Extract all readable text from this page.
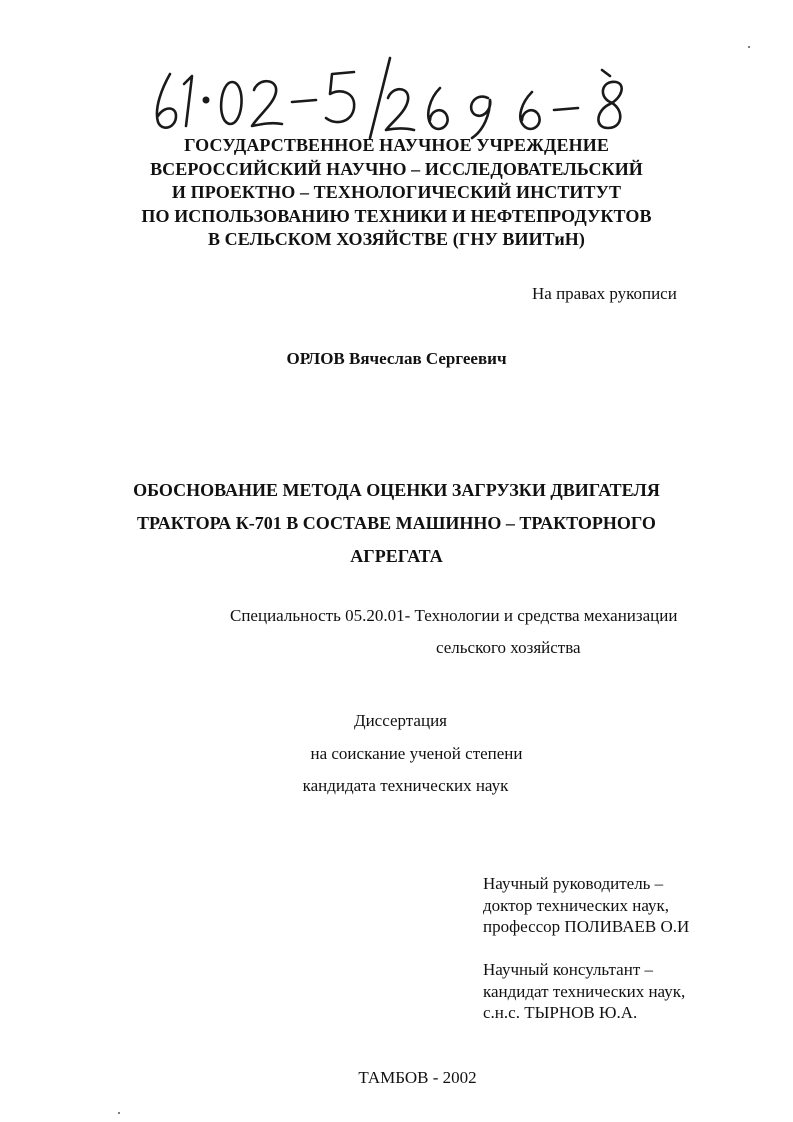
ГОСУДАРСТВЕННОЕ НАУЧНОЕ УЧРЕЖДЕНИЕ
ВСЕРОССИЙСКИЙ НАУЧНО – ИССЛЕДОВАТЕЛЬСКИЙ
И ПРОЕКТНО – ТЕХНОЛОГИЧЕСКИЙ ИНСТИТУТ
ПО ИСПОЛЬЗОВАНИЮ ТЕХНИКИ И НЕФТЕПРОДУКТОВ
В СЕЛЬСКОМ ХОЗЯЙСТВЕ (ГНУ ВИИТиН)
На правах рукописи
ОРЛОВ Вячеслав Сергеевич
ОБОСНОВАНИЕ МЕТОДА ОЦЕНКИ ЗАГРУЗКИ ДВИГАТЕЛЯ
ТРАКТОРА К-701 В СОСТАВЕ МАШИННО – ТРАКТОРНОГО
АГРЕГАТА
Специальность 05.20.01- Технологии и средства механизации
сельского хозяйства
Диссертация
на соискание ученой степени
кандидата технических наук
Научный руководитель –
доктор технических наук,
профессор ПОЛИВАЕВ О.И
Научный консультант –
кандидат технических наук,
с.н.с. ТЫРНОВ Ю.А.
ТАМБОВ - 2002
